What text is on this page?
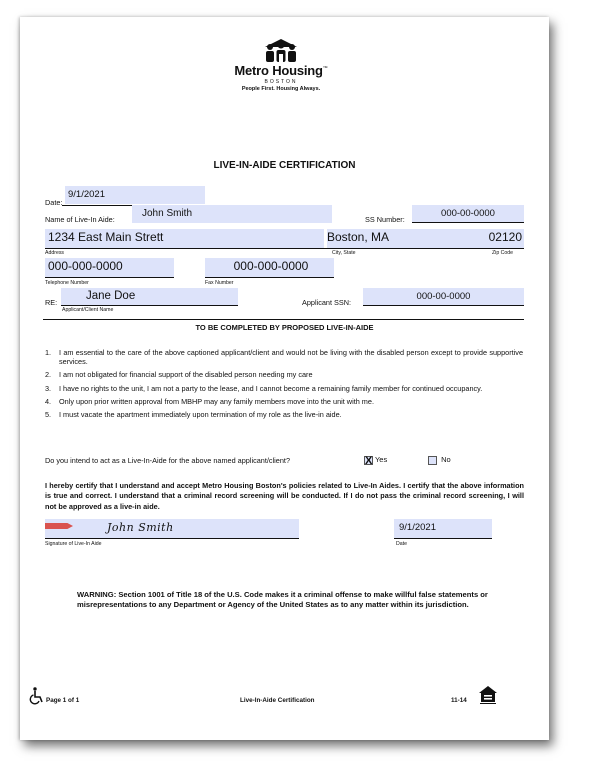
Metro Housing™
BOSTON
People First. Housing Always.
LIVE-IN-AIDE CERTIFICATION
Date:
9/1/2021
Name of Live-In Aide:
John Smith
SS Number:
000-00-0000
1234 East Main Strett	Boston, MA	02120
Address	City, State	Zip Code
000-000-0000
Telephone Number
000-000-0000
Fax Number
RE:
Jane Doe
Applicant/Client Name
Applicant SSN:
000-00-0000
TO BE COMPLETED BY PROPOSED LIVE-IN-AIDE
1.	I am essential to the care of the above captioned applicant/client and would not be living with the disabled person except to provide supportive services.
2.	I am not obligated for financial support of the disabled person needing my care
3.	I have no rights to the unit, I am not a party to the lease, and I cannot become a remaining family member for continued occupancy.
4.	Only upon prior written approval from MBHP may any family members move into the unit with me.
5.	I must vacate the apartment immediately upon termination of my role as the live-in aide.
Do you intend to act as a Live-In-Aide for the above named applicant/client?	X Yes	No
I hereby certify that I understand and accept Metro Housing Boston's policies related to Live-In Aides. I certify that the above information is true and correct. I understand that a criminal record screening will be conducted. If I do not pass the criminal record screening, I will not be approved as a live-in aide.
John Smith
Signature of Live-In Aide
9/1/2021
Date
WARNING: Section 1001 of Title 18 of the U.S. Code makes it a criminal offense to make willful false statements or misrepresentations to any Department or Agency of the United States as to any matter within its jurisdiction.
Page 1 of 1	Live-In-Aide Certification	11-14
